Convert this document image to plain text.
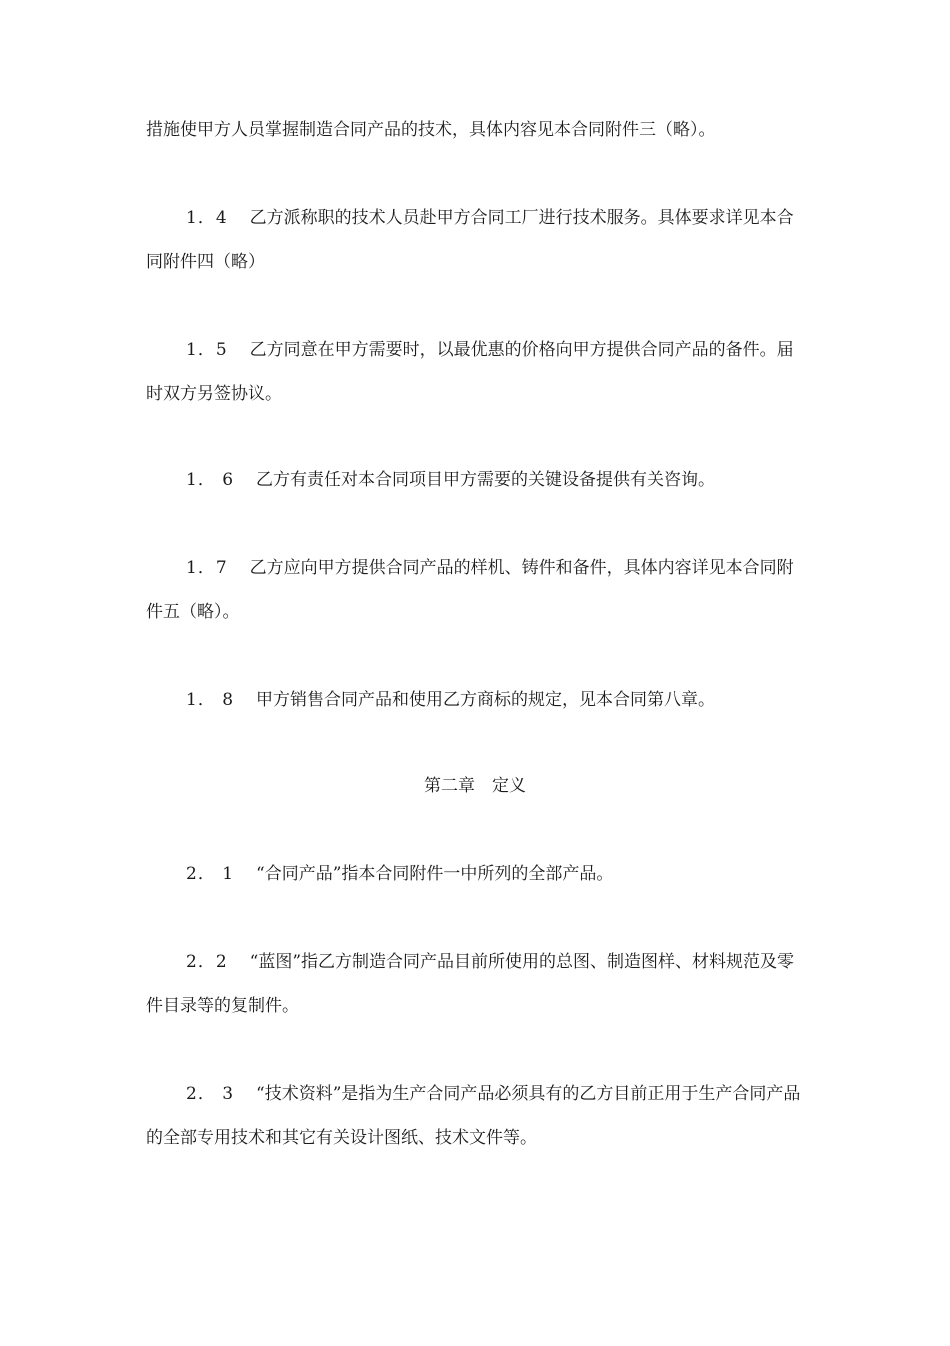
措施使甲方人员掌握制造合同产品的技术，具体内容见本合同附件三（略）。

1．4 乙方派称职的技术人员赴甲方合同工厂进行技术服务。具体要求详见本合同附件四（略）

1．5 乙方同意在甲方需要时，以最优惠的价格向甲方提供合同产品的备件。届时双方另签协议。

1． 6 乙方有责任对本合同项目甲方需要的关键设备提供有关咨询。

1．7 乙方应向甲方提供合同产品的样机、铸件和备件，具体内容详见本合同附件五（略）。

1． 8 甲方销售合同产品和使用乙方商标的规定，见本合同第八章。

第二章　定义

2． 1 “合同产品”指本合同附件一中所列的全部产品。

2．2 “蓝图”指乙方制造合同产品目前所使用的总图、制造图样、材料规范及零件目录等的复制件。

2． 3 “技术资料”是指为生产合同产品必须具有的乙方目前正用于生产合同产品的全部专用技术和其它有关设计图纸、技术文件等。
